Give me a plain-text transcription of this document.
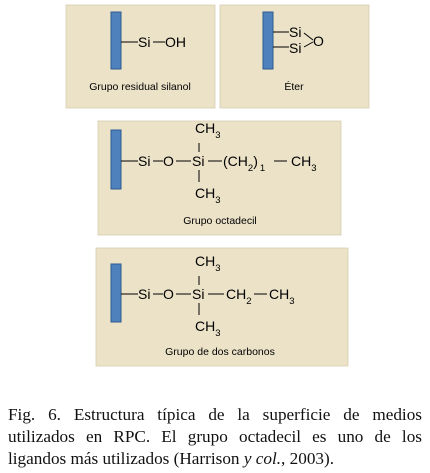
Si OH
Grupo residual silanol
Si
Si O
Éter
Si O Si
$CH_3$
$CH_3$
$(CH_2)$ $_1$ $CH_3$
Grupo octadecil
Si O Si
$CH_3$
$CH_3$
$CH_2$ $CH_3$
Grupo de dos carbonos
Fig. 6. Estructura típica de la superficie de medios utilizados en RPC. El grupo octadecil es uno de los ligandos más utilizados (Harrison y col., 2003).
